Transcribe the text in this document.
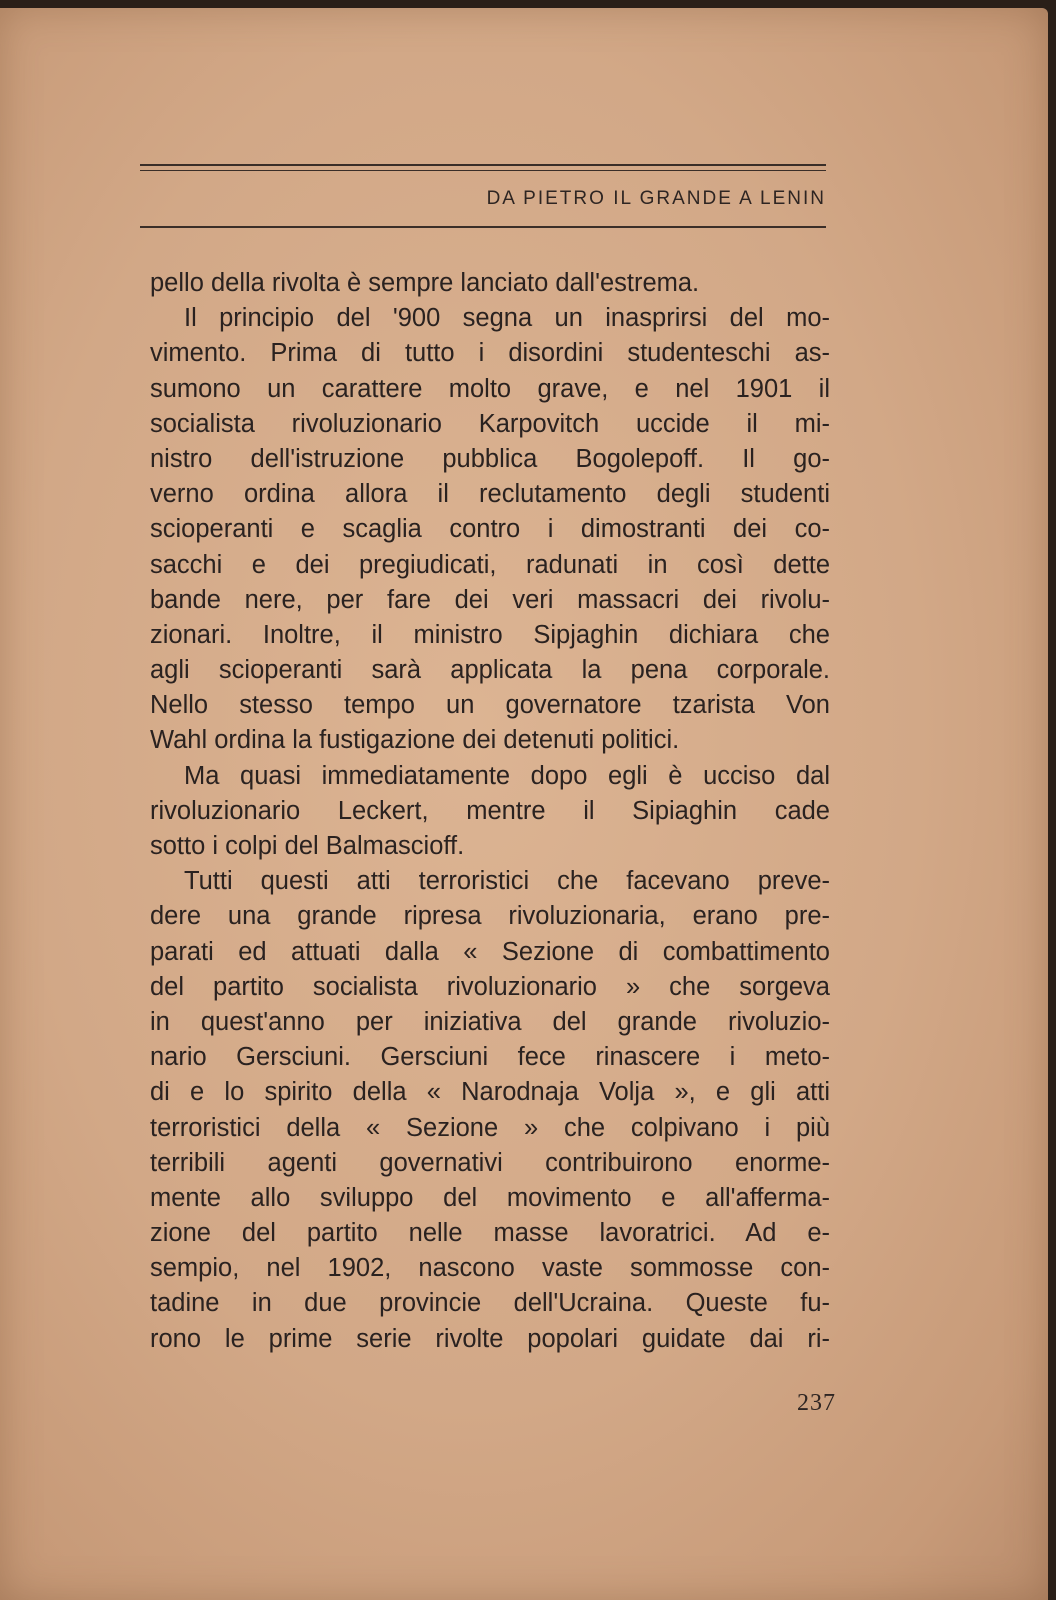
DA PIETRO IL GRANDE A LENIN
pello della rivolta è sempre lanciato dall'estrema.
Il principio del '900 segna un inasprirsi del mo-
vimento. Prima di tutto i disordini studenteschi as-
sumono un carattere molto grave, e nel 1901 il
socialista rivoluzionario Karpovitch uccide il mi-
nistro dell'istruzione pubblica Bogolepoff. Il go-
verno ordina allora il reclutamento degli studenti
scioperanti e scaglia contro i dimostranti dei co-
sacchi e dei pregiudicati, radunati in così dette
bande nere, per fare dei veri massacri dei rivolu-
zionari. Inoltre, il ministro Sipjaghin dichiara che
agli scioperanti sarà applicata la pena corporale.
Nello stesso tempo un governatore tzarista Von
Wahl ordina la fustigazione dei detenuti politici.
Ma quasi immediatamente dopo egli è ucciso dal
rivoluzionario Leckert, mentre il Sipiaghin cade
sotto i colpi del Balmascioff.
Tutti questi atti terroristici che facevano preve-
dere una grande ripresa rivoluzionaria, erano pre-
parati ed attuati dalla « Sezione di combattimento
del partito socialista rivoluzionario » che sorgeva
in quest'anno per iniziativa del grande rivoluzio-
nario Gersciuni. Gersciuni fece rinascere i meto-
di e lo spirito della « Narodnaja Volja », e gli atti
terroristici della « Sezione » che colpivano i più
terribili agenti governativi contribuirono enorme-
mente allo sviluppo del movimento e all'afferma-
zione del partito nelle masse lavoratrici. Ad e-
sempio, nel 1902, nascono vaste sommosse con-
tadine in due provincie dell'Ucraina. Queste fu-
rono le prime serie rivolte popolari guidate dai ri-
237
